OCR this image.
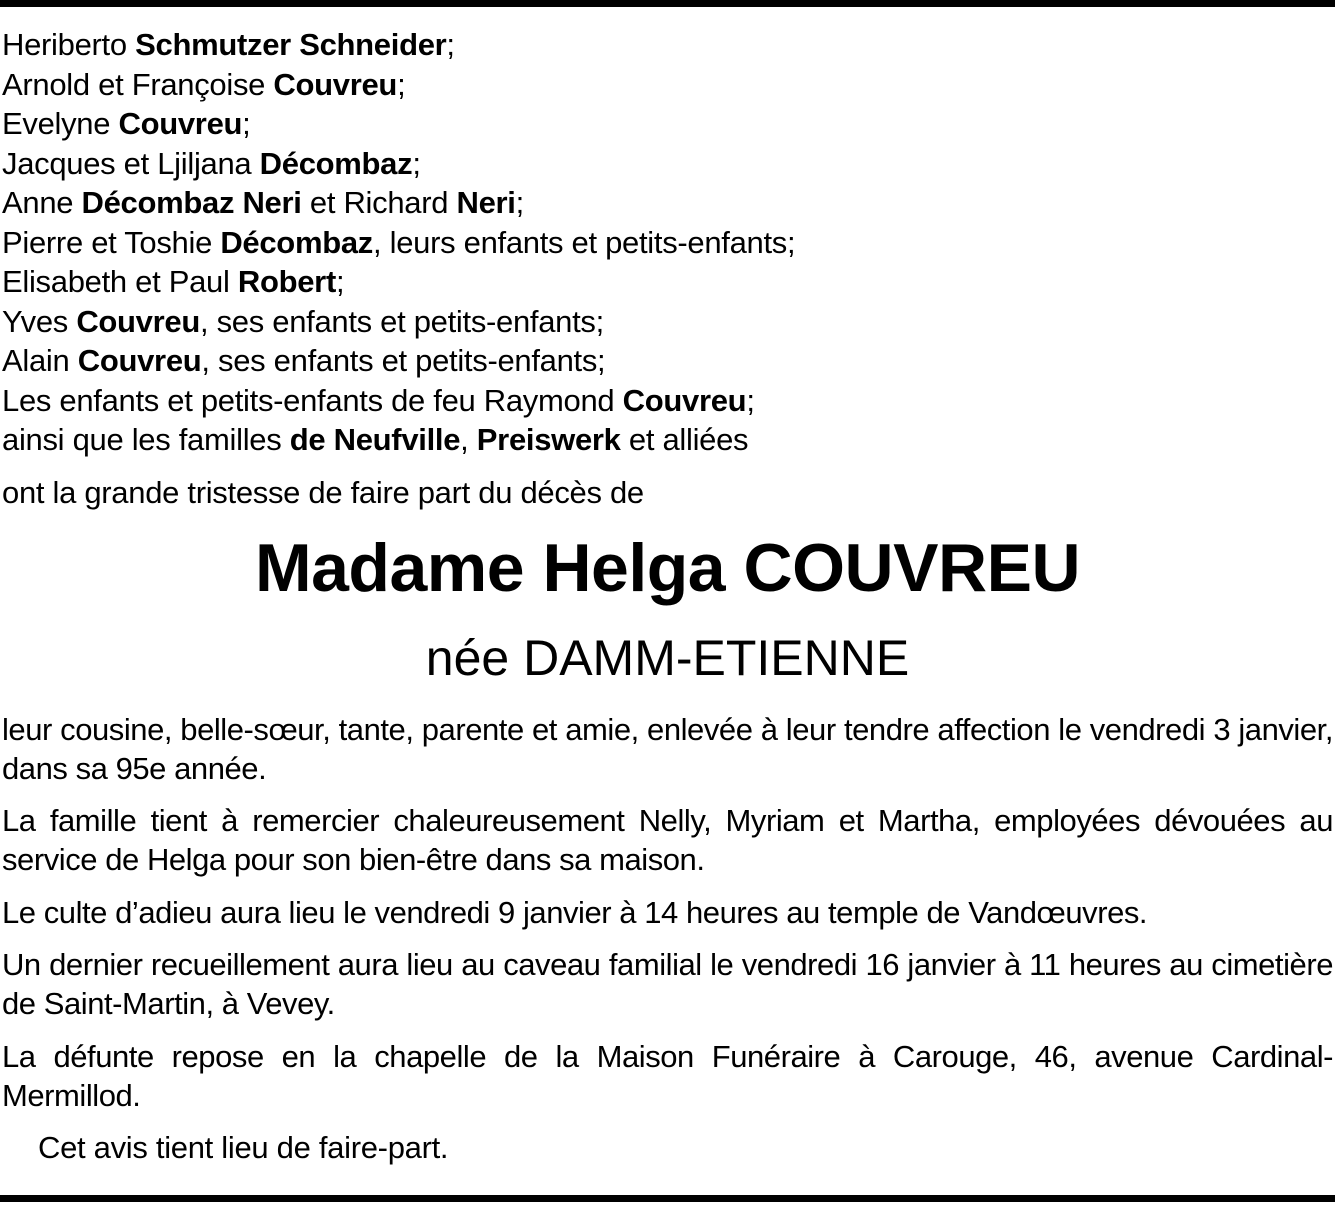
Heriberto Schmutzer Schneider;
Arnold et Françoise Couvreu;
Evelyne Couvreu;
Jacques et Ljiljana Décombaz;
Anne Décombaz Neri et Richard Neri;
Pierre et Toshie Décombaz, leurs enfants et petits-enfants;
Elisabeth et Paul Robert;
Yves Couvreu, ses enfants et petits-enfants;
Alain Couvreu, ses enfants et petits-enfants;
Les enfants et petits-enfants de feu Raymond Couvreu;
ainsi que les familles de Neufville, Preiswerk et alliées
ont la grande tristesse de faire part du décès de
Madame Helga COUVREU
née DAMM-ETIENNE
leur cousine, belle-sœur, tante, parente et amie, enlevée à leur tendre affection le vendredi 3 janvier, dans sa 95e année.
La famille tient à remercier chaleureusement Nelly, Myriam et Martha, employées dévouées au service de Helga pour son bien-être dans sa maison.
Le culte d’adieu aura lieu le vendredi 9 janvier à 14 heures au temple de Vandœuvres.
Un dernier recueillement aura lieu au caveau familial le vendredi 16 janvier à 11 heures au cimetière de Saint-Martin, à Vevey.
La défunte repose en la chapelle de la Maison Funéraire à Carouge, 46, avenue Cardinal-Mermillod.
Cet avis tient lieu de faire-part.
